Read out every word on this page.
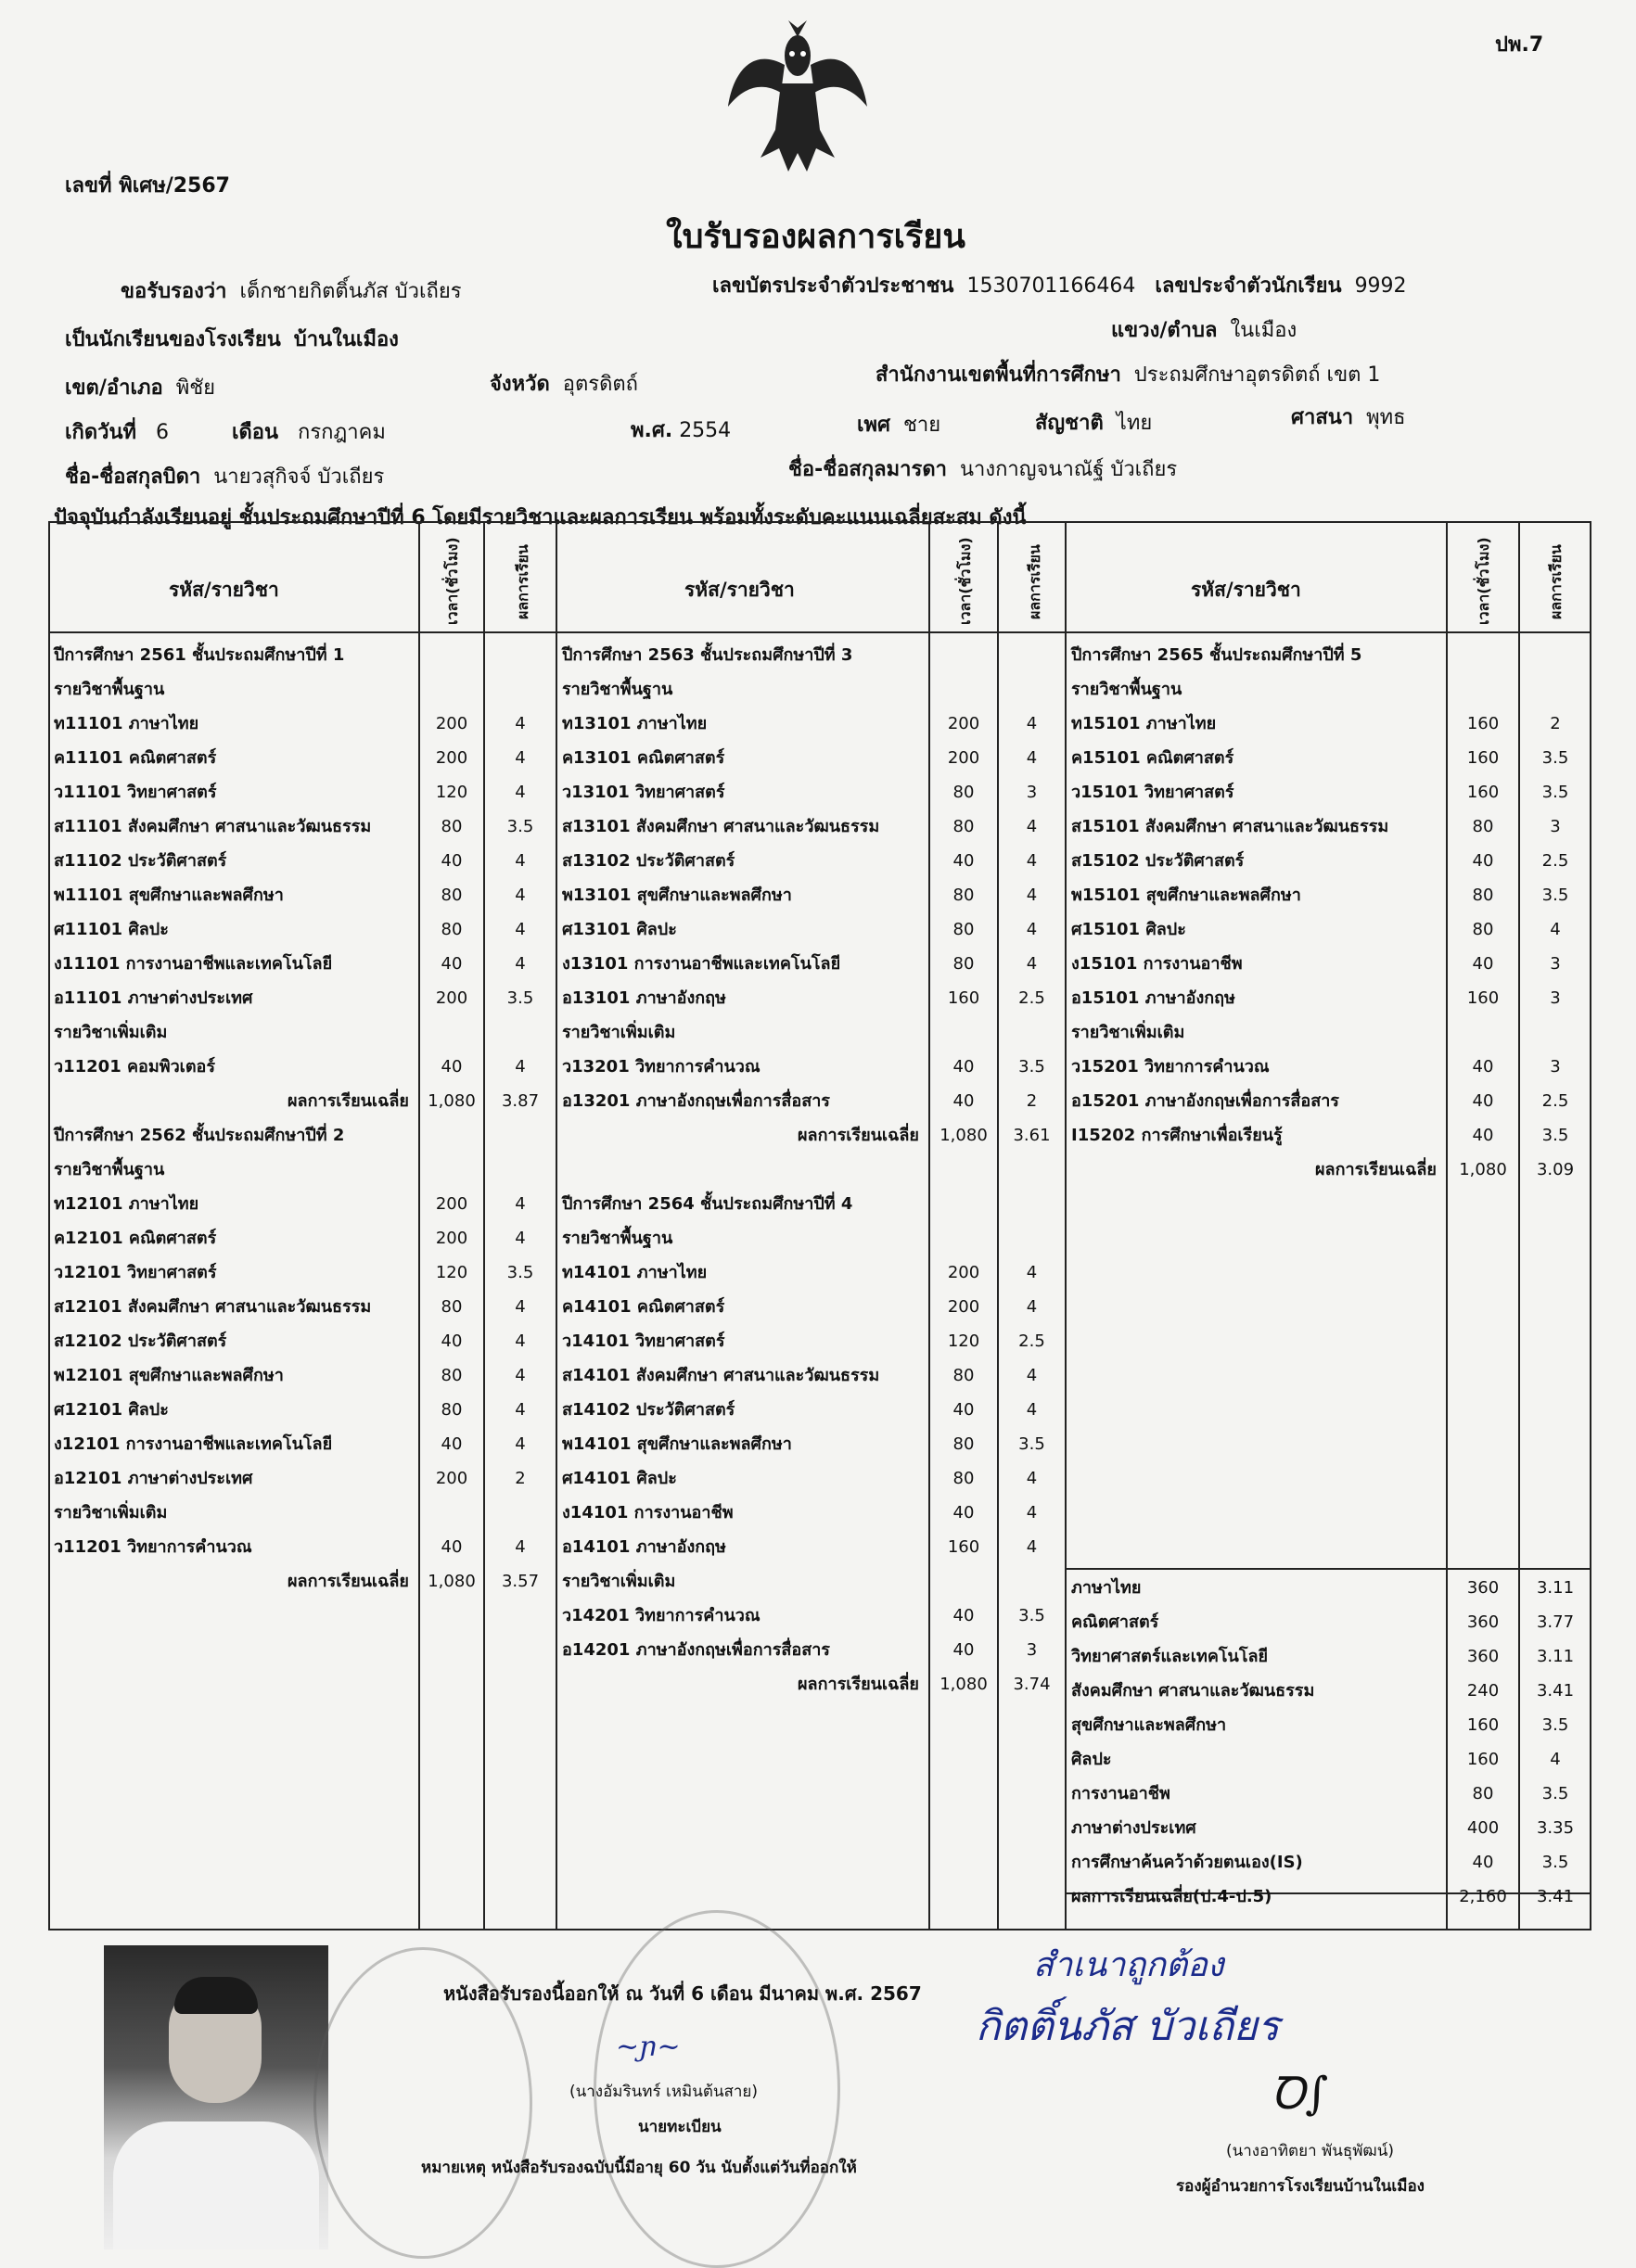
ปพ.7
เลขที่ พิเศษ/2567
ใบรับรองผลการเรียน
ขอรับรองว่า เด็กชายกิตติ์นภัส บัวเถียร	เลขบัตรประจำตัวประชาชน 1530701166464 เลขประจำตัวนักเรียน 9992
เป็นนักเรียนของโรงเรียน บ้านในเมือง	แขวง/ตำบล ในเมือง
เขต/อำเภอ พิชัย	จังหวัด อุตรดิตถ์	สำนักงานเขตพื้นที่การศึกษา ประถมศึกษาอุตรดิตถ์ เขต 1
เกิดวันที่ 6	เดือน กรกฎาคม	พ.ศ. 2554	เพศ ชาย	สัญชาติ ไทย	ศาสนา พุทธ
ชื่อ-ชื่อสกุลบิดา นายวสุกิจจ์ บัวเถียร	ชื่อ-ชื่อสกุลมารดา นางกาญจนาณัฐ์ บัวเถียร
ปัจจุบันกำลังเรียนอยู่ ชั้นประถมศึกษาปีที่ 6 โดยมีรายวิชาและผลการเรียน พร้อมทั้งระดับคะแนนเฉลี่ยสะสม ดังนี้
รหัส/รายวิชา	เวลา(ชั่วโมง)	ผลการเรียน	รหัส/รายวิชา	เวลา(ชั่วโมง)	ผลการเรียน	รหัส/รายวิชา	เวลา(ชั่วโมง)	ผลการเรียน
ปีการศึกษา 2561 ชั้นประถมศึกษาปีที่ 1
รายวิชาพื้นฐาน
ท11101 ภาษาไทย	200	4
ค11101 คณิตศาสตร์	200	4
ว11101 วิทยาศาสตร์	120	4
ส11101 สังคมศึกษา ศาสนาและวัฒนธรรม	80	3.5
ส11102 ประวัติศาสตร์	40	4
พ11101 สุขศึกษาและพลศึกษา	80	4
ศ11101 ศิลปะ	80	4
ง11101 การงานอาชีพและเทคโนโลยี	40	4
อ11101 ภาษาต่างประเทศ	200	3.5
รายวิชาเพิ่มเติม
ว11201 คอมพิวเตอร์	40	4
ผลการเรียนเฉลี่ย	1,080	3.87
ปีการศึกษา 2562 ชั้นประถมศึกษาปีที่ 2
รายวิชาพื้นฐาน
ท12101 ภาษาไทย	200	4
ค12101 คณิตศาสตร์	200	4
ว12101 วิทยาศาสตร์	120	3.5
ส12101 สังคมศึกษา ศาสนาและวัฒนธรรม	80	4
ส12102 ประวัติศาสตร์	40	4
พ12101 สุขศึกษาและพลศึกษา	80	4
ศ12101 ศิลปะ	80	4
ง12101 การงานอาชีพและเทคโนโลยี	40	4
อ12101 ภาษาต่างประเทศ	200	2
รายวิชาเพิ่มเติม
ว11201 วิทยาการคำนวณ	40	4
ผลการเรียนเฉลี่ย	1,080	3.57
ปีการศึกษา 2563 ชั้นประถมศึกษาปีที่ 3
รายวิชาพื้นฐาน
ท13101 ภาษาไทย	200	4
ค13101 คณิตศาสตร์	200	4
ว13101 วิทยาศาสตร์	80	3
ส13101 สังคมศึกษา ศาสนาและวัฒนธรรม	80	4
ส13102 ประวัติศาสตร์	40	4
พ13101 สุขศึกษาและพลศึกษา	80	4
ศ13101 ศิลปะ	80	4
ง13101 การงานอาชีพและเทคโนโลยี	80	4
อ13101 ภาษาอังกฤษ	160	2.5
รายวิชาเพิ่มเติม
ว13201 วิทยาการคำนวณ	40	3.5
อ13201 ภาษาอังกฤษเพื่อการสื่อสาร	40	2
ผลการเรียนเฉลี่ย	1,080	3.61
ปีการศึกษา 2564 ชั้นประถมศึกษาปีที่ 4
รายวิชาพื้นฐาน
ท14101 ภาษาไทย	200	4
ค14101 คณิตศาสตร์	200	4
ว14101 วิทยาศาสตร์	120	2.5
ส14101 สังคมศึกษา ศาสนาและวัฒนธรรม	80	4
ส14102 ประวัติศาสตร์	40	4
พ14101 สุขศึกษาและพลศึกษา	80	3.5
ศ14101 ศิลปะ	80	4
ง14101 การงานอาชีพ	40	4
อ14101 ภาษาอังกฤษ	160	4
รายวิชาเพิ่มเติม
ว14201 วิทยาการคำนวณ	40	3.5
อ14201 ภาษาอังกฤษเพื่อการสื่อสาร	40	3
ผลการเรียนเฉลี่ย	1,080	3.74
ปีการศึกษา 2565 ชั้นประถมศึกษาปีที่ 5
รายวิชาพื้นฐาน
ท15101 ภาษาไทย	160	2
ค15101 คณิตศาสตร์	160	3.5
ว15101 วิทยาศาสตร์	160	3.5
ส15101 สังคมศึกษา ศาสนาและวัฒนธรรม	80	3
ส15102 ประวัติศาสตร์	40	2.5
พ15101 สุขศึกษาและพลศึกษา	80	3.5
ศ15101 ศิลปะ	80	4
ง15101 การงานอาชีพ	40	3
อ15101 ภาษาอังกฤษ	160	3
รายวิชาเพิ่มเติม
ว15201 วิทยาการคำนวณ	40	3
อ15201 ภาษาอังกฤษเพื่อการสื่อสาร	40	2.5
I15202 การศึกษาเพื่อเรียนรู้	40	3.5
ผลการเรียนเฉลี่ย	1,080	3.09
ภาษาไทย	360	3.11
คณิตศาสตร์	360	3.77
วิทยาศาสตร์และเทคโนโลยี	360	3.11
สังคมศึกษา ศาสนาและวัฒนธรรม	240	3.41
สุขศึกษาและพลศึกษา	160	3.5
ศิลปะ	160	4
การงานอาชีพ	80	3.5
ภาษาต่างประเทศ	400	3.35
การศึกษาค้นคว้าด้วยตนเอง(IS)	40	3.5
ผลการเรียนเฉลี่ย(ป.4-ป.5)	2,160	3.41
หนังสือรับรองนี้ออกให้ ณ วันที่ 6 เดือน มีนาคม พ.ศ. 2567
(นางอัมรินทร์ เหมินต้นสาย)
นายทะเบียน
หมายเหตุ หนังสือรับรองฉบับนี้มีอายุ 60 วัน นับตั้งแต่วันที่ออกให้
~ɲ~
สำเนาถูกต้อง
กิตติ์นภัส บัวเถียร
Ꝺ∫
(นางอาทิตยา พันธุพัฒน์)
รองผู้อำนวยการโรงเรียนบ้านในเมือง
